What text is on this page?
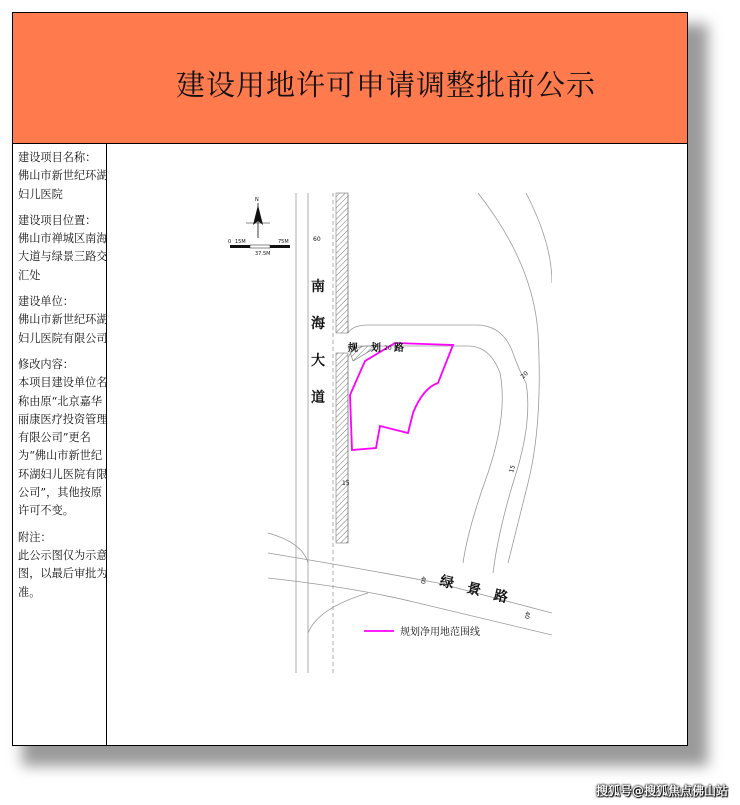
建设用地许可申请调整批前公示

建设项目名称：
佛山市新世纪环湖妇儿医院

建设项目位置：
佛山市禅城区南海大道与绿景三路交汇处

建设单位：
佛山市新世纪环湖妇儿医院有限公司

修改内容：
本项目建设单位名称由原“北京嘉华丽康医疗投资管理有限公司”更名为“佛山市新世纪环湖妇儿医院有限公司”，其他按原许可不变。

附注：
此公示图仅为示意图，以最后审批为准。

南
海
大
道
规 划 路
绿 景 路
60
15
15
20
40
40
20
N
0 15M	75M
37.5M
规划净用地范围线
搜狐号@搜狐焦点佛山站
